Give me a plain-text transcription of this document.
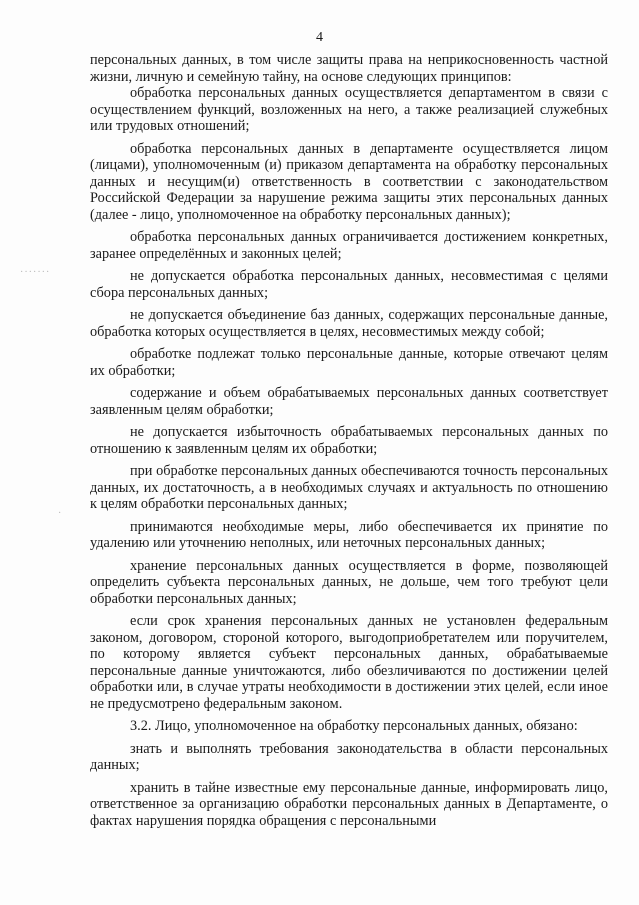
4
·······
·

персональных данных, в том числе защиты права на неприкосновенность частной жизни, личную и семейную тайну, на основе следующих принципов:

обработка персональных данных осуществляется департаментом в связи с осуществлением функций, возложенных на него, а также реализацией служебных или трудовых отношений;

обработка персональных данных в департаменте осуществляется лицом (лицами), уполномоченным (и) приказом департамента на обработку персональных данных и несущим(и) ответственность в соответствии с законодательством Российской Федерации за нарушение режима защиты этих персональных данных (далее - лицо, уполномоченное на обработку персональных данных);

обработка персональных данных ограничивается достижением конкретных, заранее определённых и законных целей;

не допускается обработка персональных данных, несовместимая с целями сбора персональных данных;

не допускается объединение баз данных, содержащих персональные данные, обработка которых осуществляется в целях, несовместимых между собой;

обработке подлежат только персональные данные, которые отвечают целям их обработки;

содержание и объем обрабатываемых персональных данных соответствует заявленным целям обработки;

не допускается избыточность обрабатываемых персональных данных по отношению к заявленным целям их обработки;

при обработке персональных данных обеспечиваются точность персональных данных, их достаточность, а в необходимых случаях и актуальность по отношению к целям обработки персональных данных;

принимаются необходимые меры, либо обеспечивается их принятие по удалению или уточнению неполных, или неточных персональных данных;

хранение персональных данных осуществляется в форме, позволяющей определить субъекта персональных данных, не дольше, чем того требуют цели обработки персональных данных;

если срок хранения персональных данных не установлен федеральным законом, договором, стороной которого, выгодоприобретателем или поручителем, по которому является субъект персональных данных, обрабатываемые персональные данные уничтожаются, либо обезличиваются по достижении целей обработки или, в случае утраты необходимости в достижении этих целей, если иное не предусмотрено федеральным законом.

3.2. Лицо, уполномоченное на обработку персональных данных, обязано:

знать и выполнять требования законодательства в области персональных данных;

хранить в тайне известные ему персональные данные, информировать лицо, ответственное за организацию обработки персональных данных в Департаменте, о фактах нарушения порядка обращения с персональными
